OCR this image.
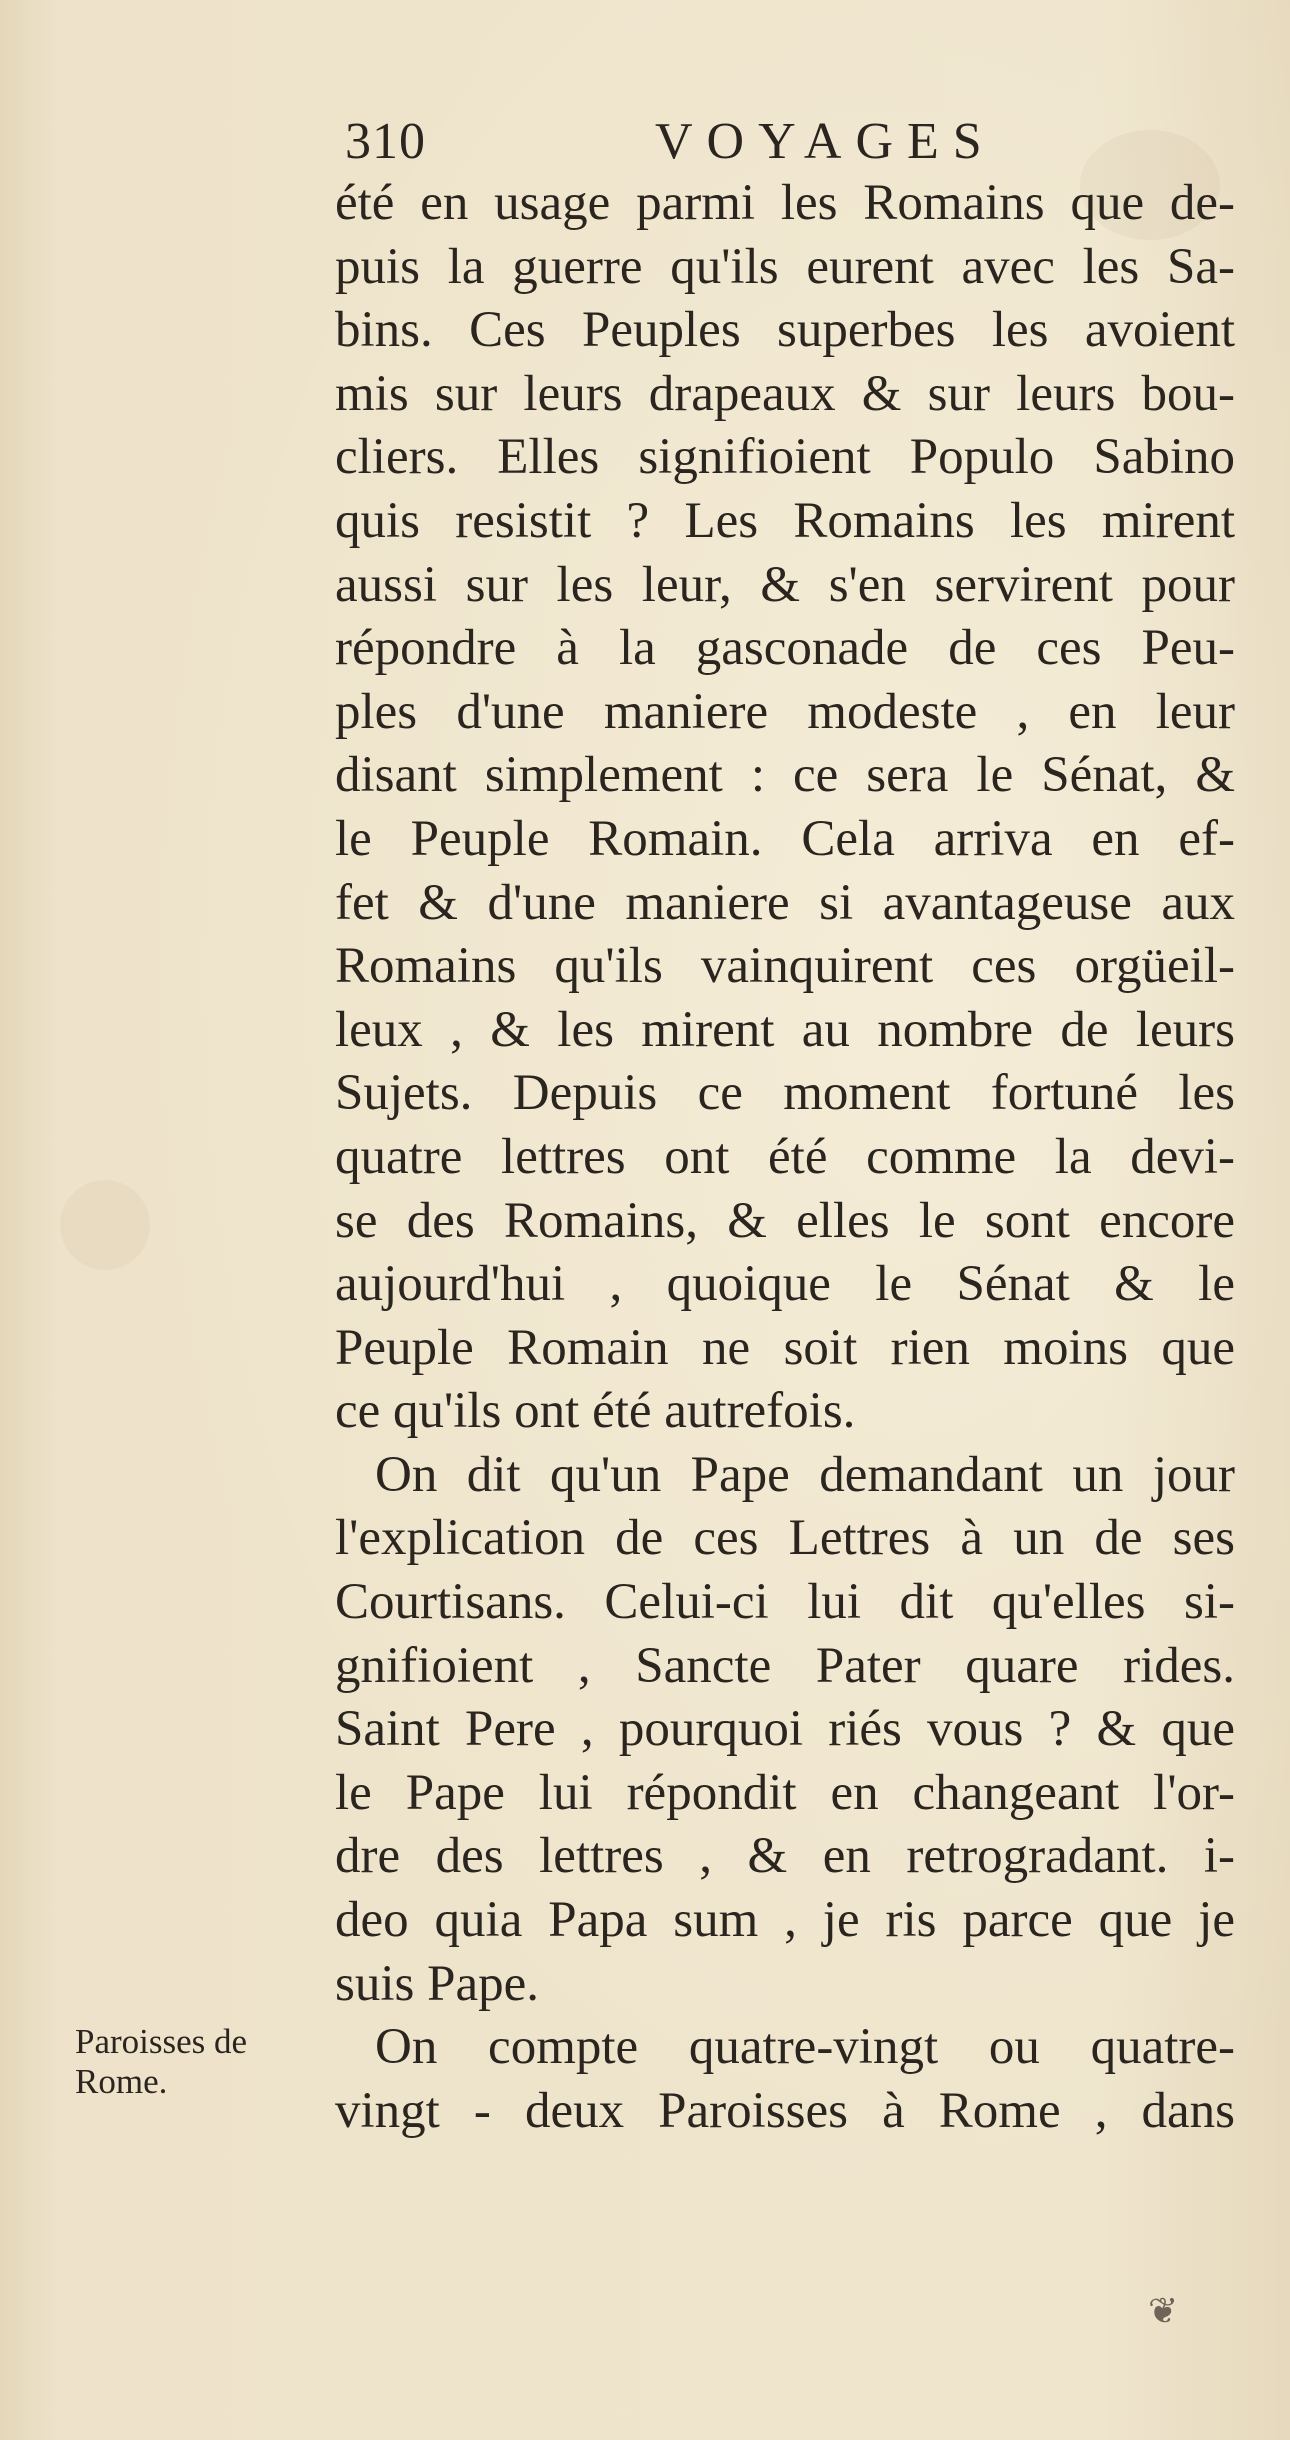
310	VOYAGES
été en usage parmi les Romains que de-
puis la guerre qu'ils eurent avec les Sa-
bins. Ces Peuples superbes les avoient
mis sur leurs drapeaux & sur leurs bou-
cliers. Elles signifioient Populo Sabino
quis resistit ? Les Romains les mirent
aussi sur les leur, & s'en servirent pour
répondre à la gasconade de ces Peu-
ples d'une maniere modeste , en leur
disant simplement : ce sera le Sénat, &
le Peuple Romain. Cela arriva en ef-
fet & d'une maniere si avantageuse aux
Romains qu'ils vainquirent ces orgüeil-
leux , & les mirent au nombre de leurs
Sujets. Depuis ce moment fortuné les
quatre lettres ont été comme la devi-
se des Romains, & elles le sont encore
aujourd'hui , quoique le Sénat & le
Peuple Romain ne soit rien moins que
ce qu'ils ont été autrefois.
On dit qu'un Pape demandant un jour
l'explication de ces Lettres à un de ses
Courtisans. Celui-ci lui dit qu'elles si-
gnifioient , Sancte Pater quare rides.
Saint Pere , pourquoi riés vous ? & que
le Pape lui répondit en changeant l'or-
dre des lettres , & en retrogradant. i-
deo quia Papa sum , je ris parce que je
suis Pape.
On compte quatre-vingt ou quatre-
vingt - deux Paroisses à Rome , dans
Paroisses de
Rome.
❦
